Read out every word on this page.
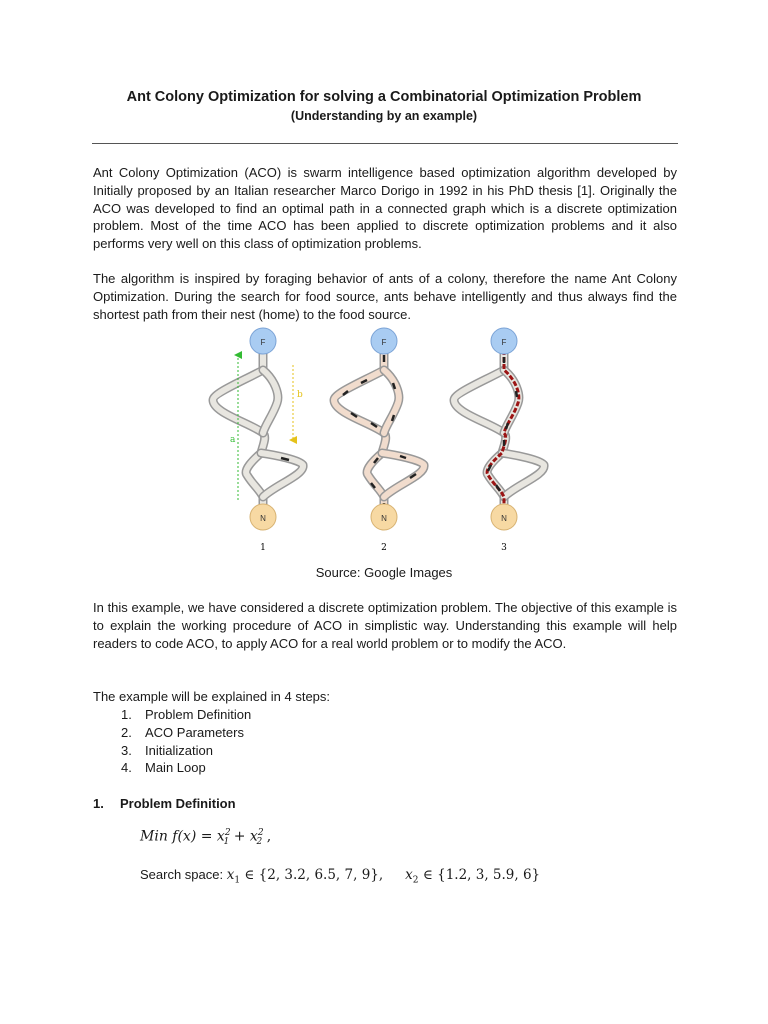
Ant Colony Optimization for solving a Combinatorial Optimization Problem
(Understanding by an example)

Ant Colony Optimization (ACO) is swarm intelligence based optimization algorithm developed by Initially proposed by an Italian researcher Marco Dorigo in 1992 in his PhD thesis [1]. Originally the ACO was developed to find an optimal path in a connected graph which is a discrete optimization problem. Most of the time ACO has been applied to discrete optimization problems and it also performs very well on this class of optimization problems.

The algorithm is inspired by foraging behavior of ants of a colony, therefore the name Ant Colony Optimization. During the search for food source, ants behave intelligently and thus always find the shortest path from their nest (home) to the food source.

a
b
F
N
1
F
N
2
F
N
3
Source: Google Images

In this example, we have considered a discrete optimization problem. The objective of this example is to explain the working procedure of ACO in simplistic way. Understanding this example will help readers to code ACO, to apply ACO for a real world problem or to modify the ACO.

The example will be explained in 4 steps:

1.	Problem Definition
2.	ACO Parameters
3.	Initialization
4.	Main Loop
1.	Problem Definition
Min $f(x) = x^2_1 + x^2_2$ ,
Search space: $x_1$ ∈ {2, 3.2, 6.5, 7, 9}, $x_2$ ∈ {1.2, 3, 5.9, 6}
